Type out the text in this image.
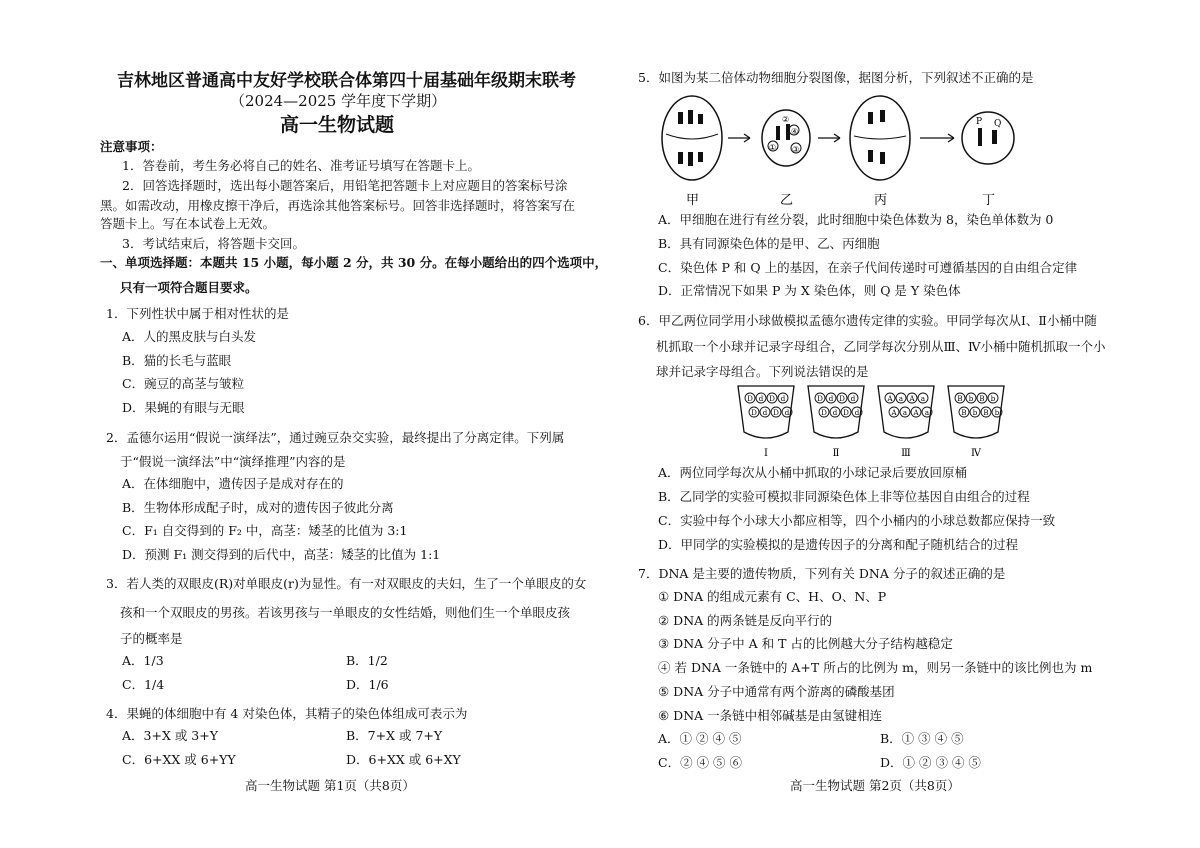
吉林地区普通高中友好学校联合体第四十届基础年级期末联考
（2024—2025 学年度下学期）
高一生物试题
注意事项：
1．答卷前，考生务必将自己的姓名、准考证号填写在答题卡上。
2．回答选择题时，选出每小题答案后，用铅笔把答题卡上对应题目的答案标号涂
黑。如需改动，用橡皮擦干净后，再选涂其他答案标号。回答非选择题时，将答案写在
答题卡上。写在本试卷上无效。
3．考试结束后，将答题卡交回。
一、单项选择题：本题共 15 小题，每小题 2 分，共 30 分。在每小题给出的四个选项中，
只有一项符合题目要求。
1．下列性状中属于相对性状的是
A．人的黑皮肤与白头发
B．猫的长毛与蓝眼
C．豌豆的高茎与皱粒
D．果蝇的有眼与无眼
2．孟德尔运用“假说一演绎法”，通过豌豆杂交实验，最终提出了分离定律。下列属
于“假说一演绎法”中“演绎推理”内容的是
A．在体细胞中，遗传因子是成对存在的
B．生物体形成配子时，成对的遗传因子彼此分离
C．F₁ 自交得到的 F₂ 中，高茎：矮茎的比值为 3:1
D．预测 F₁ 测交得到的后代中，高茎：矮茎的比值为 1:1
3．若人类的双眼皮(R)对单眼皮(r)为显性。有一对双眼皮的夫妇，生了一个单眼皮的女
孩和一个双眼皮的男孩。若该男孩与一单眼皮的女性结婚，则他们生一个单眼皮孩
子的概率是
A．1/3	B．1/2
C．1/4	D．1/6
4．果蝇的体细胞中有 4 对染色体，其精子的染色体组成可表示为
A．3+X 或 3+Y	B．7+X 或 7+Y
C．6+XX 或 6+YY	D．6+XX 或 6+XY
高一生物试题 第1页（共8页）
5．如图为某二倍体动物细胞分裂图像，据图分析，下列叙述不正确的是
④
① ③
②	P Q
甲	乙	丙	丁
A．甲细胞在进行有丝分裂，此时细胞中染色体数为 8，染色单体数为 0
B．具有同源染色体的是甲、乙、丙细胞
C．染色体 P 和 Q 上的基因，在亲子代间传递时可遵循基因的自由组合定律
D．正常情况下如果 P 为 X 染色体，则 Q 是 Y 染色体
6．甲乙两位同学用小球做模拟孟德尔遗传定律的实验。甲同学每次从Ⅰ、Ⅱ小桶中随
机抓取一个小球并记录字母组合，乙同学每次分别从Ⅲ、Ⅳ小桶中随机抓取一个小
球并记录字母组合。下列说法错误的是
D d D d
D d D d
Ⅰ
D d D d
D d D d
Ⅱ
A a A a
A a A a
Ⅲ
B b B b
B b B b
Ⅳ
A．两位同学每次从小桶中抓取的小球记录后要放回原桶
B．乙同学的实验可模拟非同源染色体上非等位基因自由组合的过程
C．实验中每个小球大小都应相等，四个小桶内的小球总数都应保持一致
D．甲同学的实验模拟的是遗传因子的分离和配子随机结合的过程
7．DNA 是主要的遗传物质，下列有关 DNA 分子的叙述正确的是
① DNA 的组成元素有 C、H、O、N、P
② DNA 的两条链是反向平行的
③ DNA 分子中 A 和 T 占的比例越大分子结构越稳定
④ 若 DNA 一条链中的 A+T 所占的比例为 m，则另一条链中的该比例也为 m
⑤ DNA 分子中通常有两个游离的磷酸基团
⑥ DNA 一条链中相邻碱基是由氢键相连
A．① ② ④ ⑤	B．① ③ ④ ⑤
C．② ④ ⑤ ⑥	D．① ② ③ ④ ⑤
高一生物试题 第2页（共8页）
